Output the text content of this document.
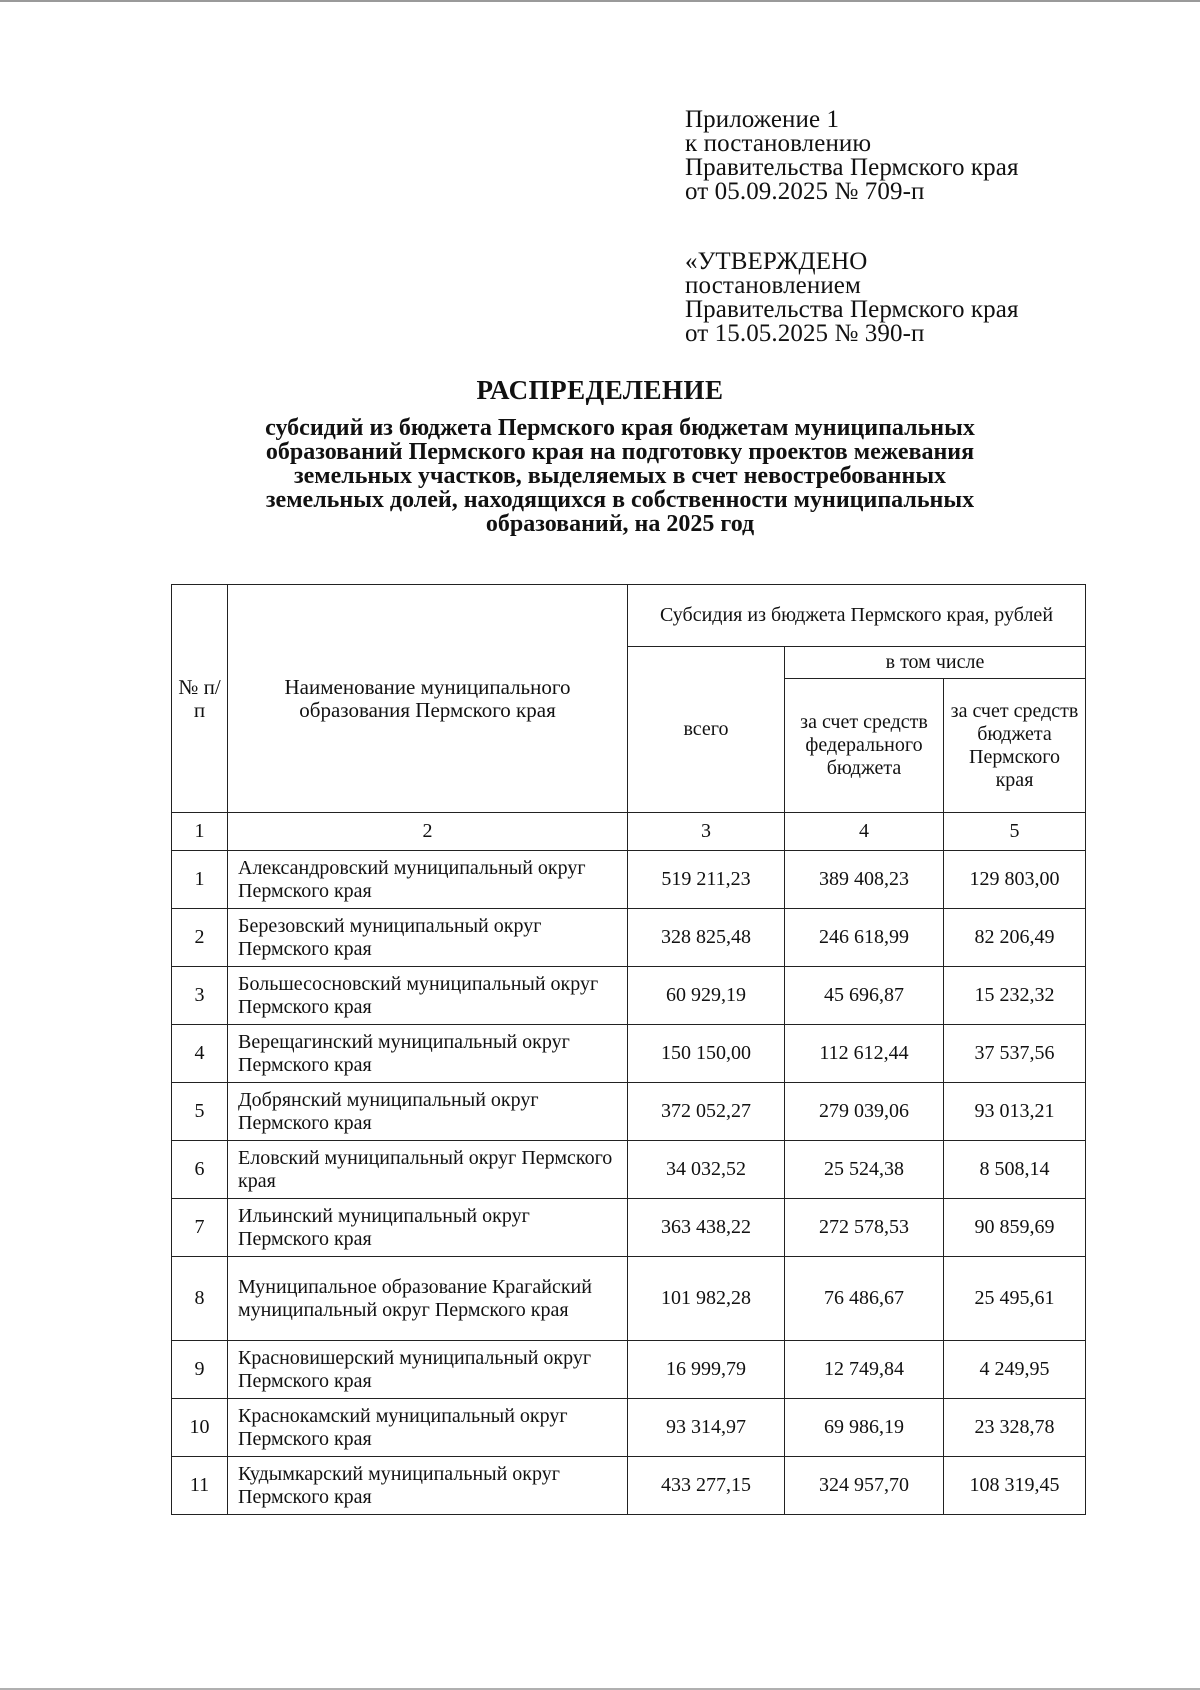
Приложение 1
к постановлению
Правительства Пермского края
от 05.09.2025 № 709-п
«УТВЕРЖДЕНО
постановлением
Правительства Пермского края
от 15.05.2025 № 390-п
РАСПРЕДЕЛЕНИЕ
субсидий из бюджета Пермского края бюджетам муниципальных
образований Пермского края на подготовку проектов межевания
земельных участков, выделяемых в счет невостребованных
земельных долей, находящихся в собственности муниципальных
образований, на 2025 год
№ п/п	Наименование муниципального образования Пермского края	Субсидия из бюджета Пермского края, рублей		
		всего	в том числе	
			за счет средств федерального бюджета	за счет средств бюджета Пермского края
1	2	3	4	5
1	Александровский муниципальный округ Пермского края	519 211,23	389 408,23	129 803,00
2	Березовский муниципальный округ Пермского края	328 825,48	246 618,99	82 206,49
3	Большесосновский муниципальный округ Пермского края	60 929,19	45 696,87	15 232,32
4	Верещагинский муниципальный округ Пермского края	150 150,00	112 612,44	37 537,56
5	Добрянский муниципальный округ Пермского края	372 052,27	279 039,06	93 013,21
6	Еловский муниципальный округ Пермского края	34 032,52	25 524,38	8 508,14
7	Ильинский муниципальный округ Пермского края	363 438,22	272 578,53	90 859,69
8	Муниципальное образование Крагайский муниципальный округ Пермского края	101 982,28	76 486,67	25 495,61
9	Красновишерский муниципальный округ Пермского края	16 999,79	12 749,84	4 249,95
10	Краснокамский муниципальный округ Пермского края	93 314,97	69 986,19	23 328,78
11	Кудымкарский муниципальный округ Пермского края	433 277,15	324 957,70	108 319,45
